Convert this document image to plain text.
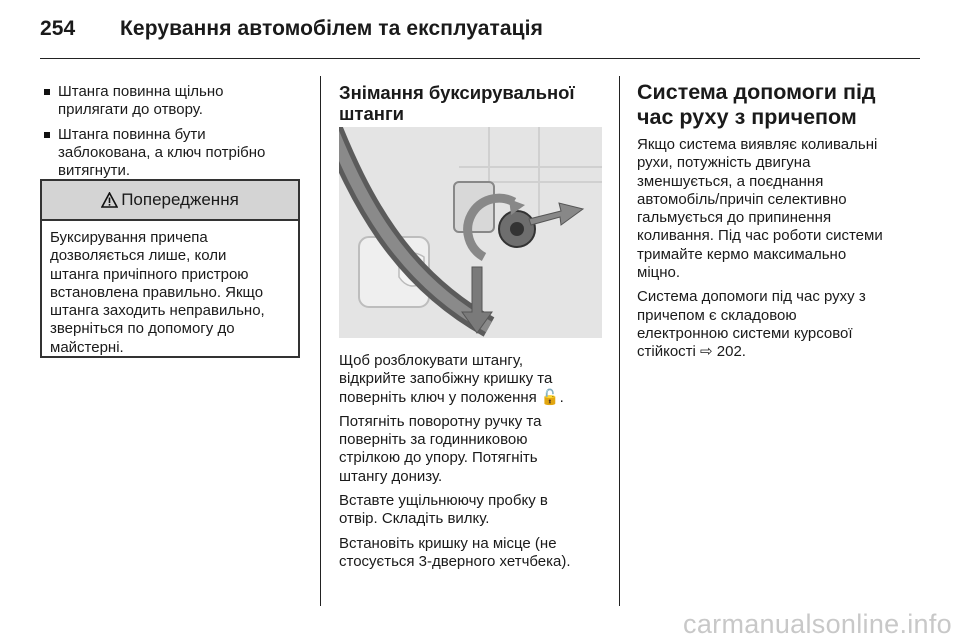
254 Керування автомобілем та експлуатація
Штанга повинна щільно
прилягати до отвору.
Штанга повинна бути
заблокована, а ключ потрібно
витягнути.
Попередження
Буксирування причепа
дозволяється лише, коли
штанга причіпного пристрою
встановлена правильно. Якщо
штанга заходить неправильно,
зверніться по допомогу до
майстерні.
Знімання буксирувальної
штанги

Щоб розблокувати штангу,
відкрийте запобіжну кришку та
поверніть ключ у положення 🔓.

Потягніть поворотну ручку та
поверніть за годинниковою
стрілкою до упору. Потягніть
штангу донизу.

Вставте ущільнюючу пробку в
отвір. Складіть вилку.

Встановіть кришку на місце (не
стосується 3-дверного хетчбека).

Система допомоги під
час руху з причепом

Якщо система виявляє коливальні
рухи, потужність двигуна
зменшується, а поєднання
автомобіль/причіп селективно
гальмується до припинення
коливання. Під час роботи системи
тримайте кермо максимально
міцно.

Система допомоги під час руху з
причепом є складовою
електронною системи курсової
стійкості ⇨ 202.

carmanualsonline.info
